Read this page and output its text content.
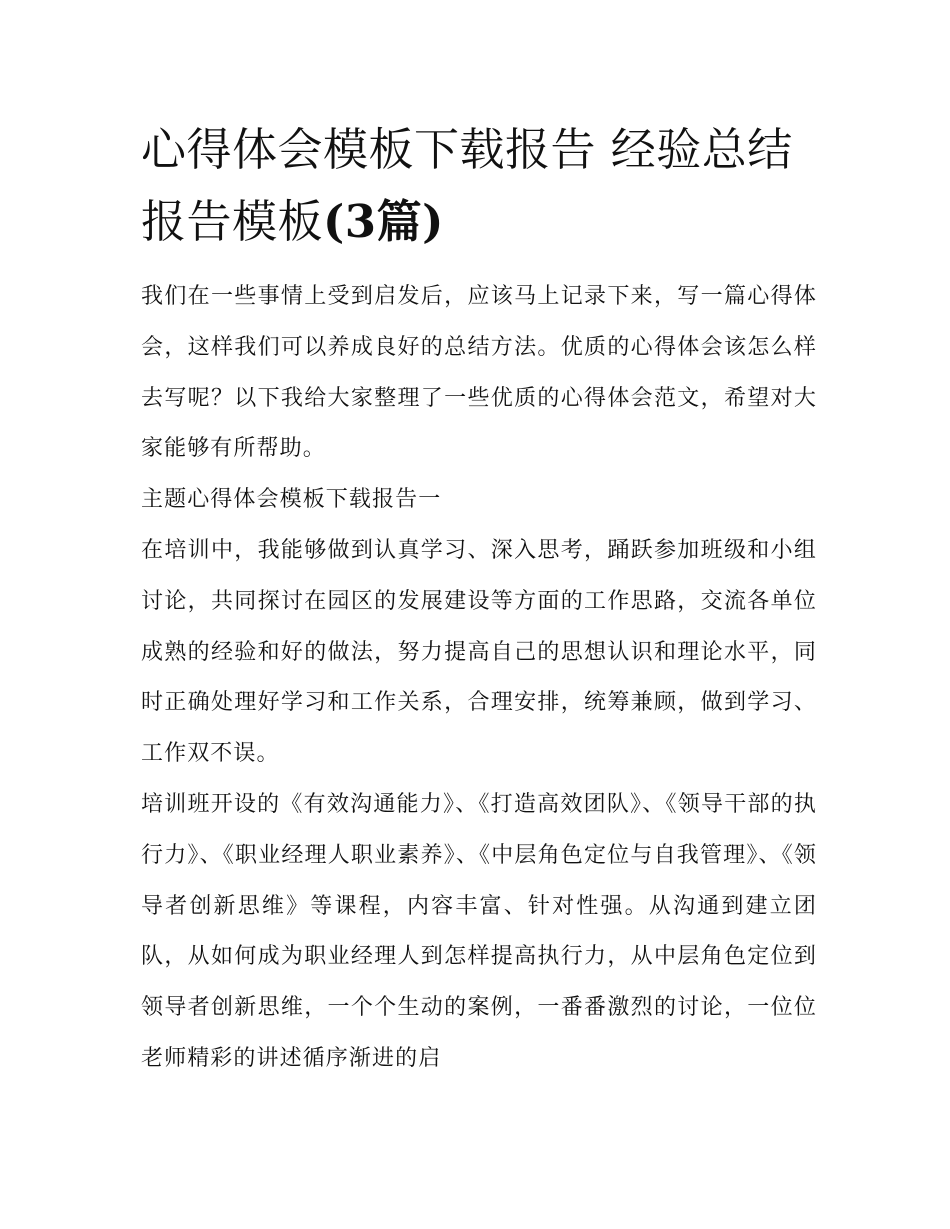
心得体会模板下载报告 经验总结报告模板(3篇)

我们在一些事情上受到启发后，应该马上记录下来，写一篇心得体会，这样我们可以养成良好的总结方法。优质的心得体会该怎么样去写呢？以下我给大家整理了一些优质的心得体会范文，希望对大家能够有所帮助。

主题心得体会模板下载报告一

在培训中，我能够做到认真学习、深入思考，踊跃参加班级和小组讨论，共同探讨在园区的发展建设等方面的工作思路，交流各单位成熟的经验和好的做法，努力提高自己的思想认识和理论水平，同时正确处理好学习和工作关系，合理安排，统筹兼顾，做到学习、工作双不误。

培训班开设的《有效沟通能力》、《打造高效团队》、《领导干部的执行力》、《职业经理人职业素养》、《中层角色定位与自我管理》、《领导者创新思维》等课程，内容丰富、针对性强。从沟通到建立团队，从如何成为职业经理人到怎样提高执行力，从中层角色定位到领导者创新思维，一个个生动的案例，一番番激烈的讨论，一位位老师精彩的讲述循序渐进的启
